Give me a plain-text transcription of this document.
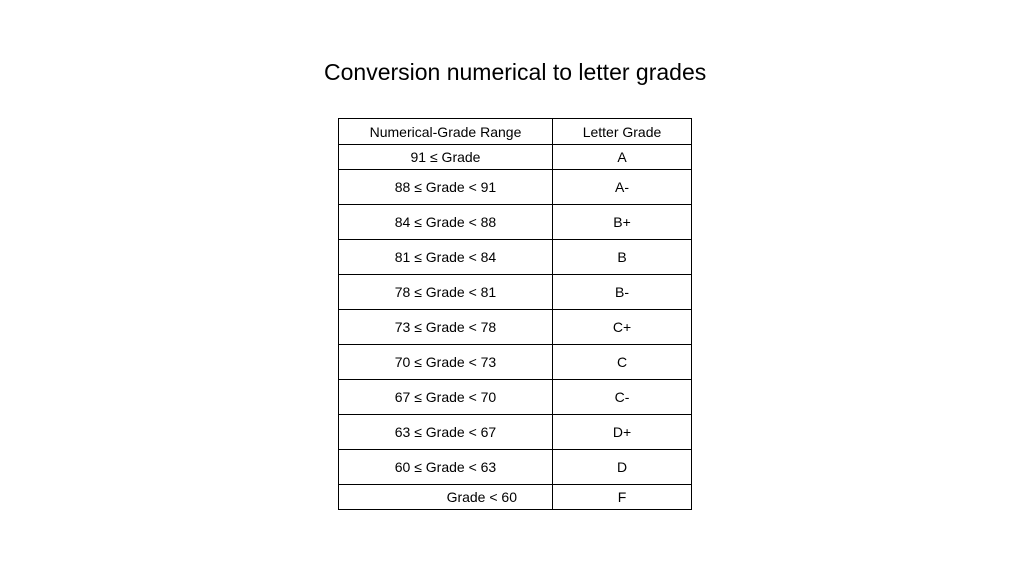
Conversion numerical to letter grades
Numerical-Grade Range	Letter Grade
91 ≤ Grade	A
88 ≤ Grade < 91	A-
84 ≤ Grade < 88	B+
81 ≤ Grade < 84	B
78 ≤ Grade < 81	B-
73 ≤ Grade < 78	C+
70 ≤ Grade < 73	C
67 ≤ Grade < 70	C-
63 ≤ Grade < 67	D+
60 ≤ Grade < 63	D
Grade < 60	F
